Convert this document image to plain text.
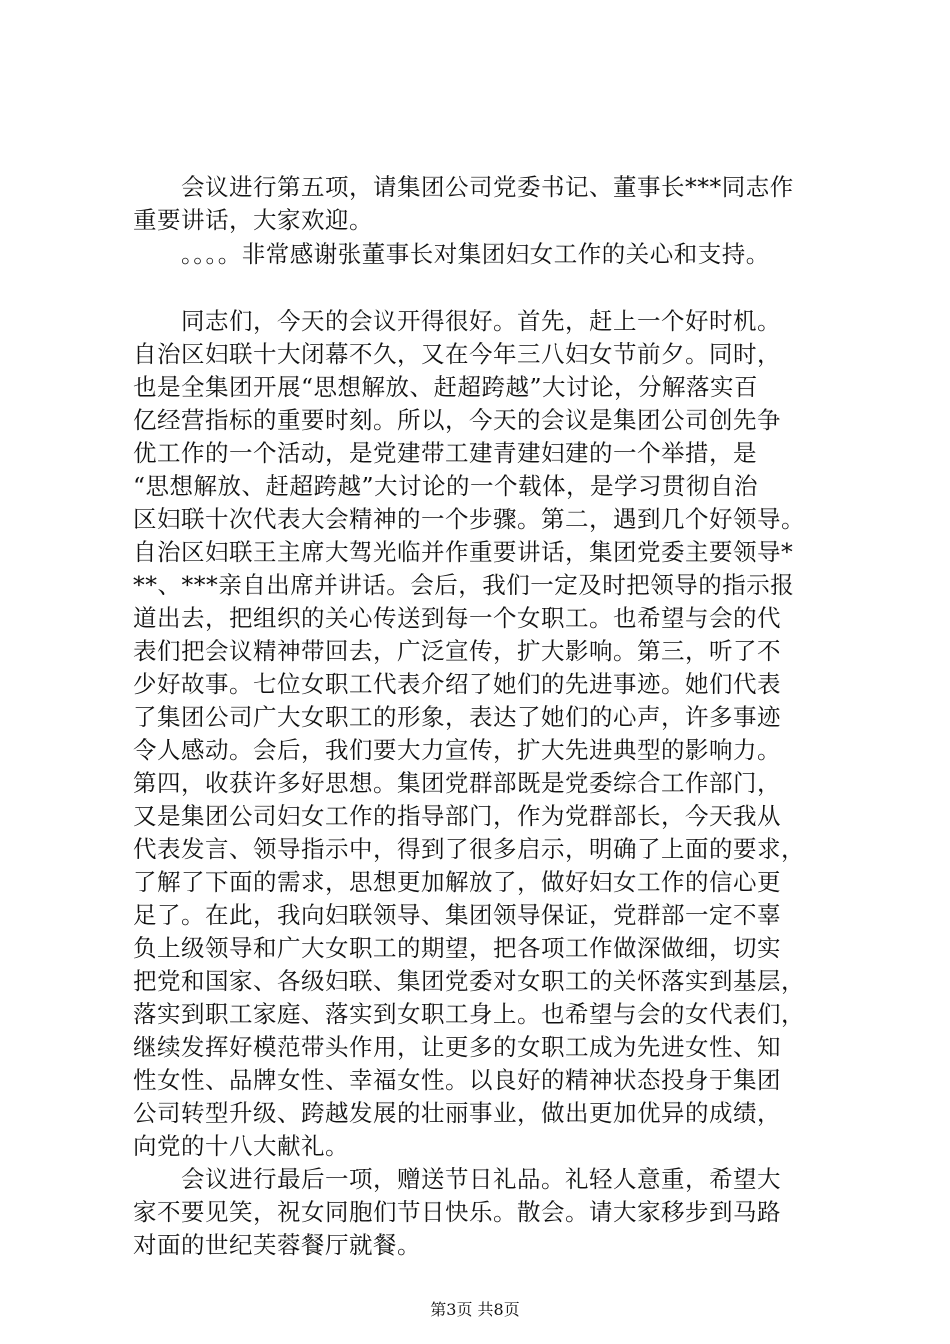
　　会议进行第五项，请集团公司党委书记、董事长***同志作
重要讲话，大家欢迎。
　　。。。。非常感谢张董事长对集团妇女工作的关心和支持。
　　同志们，今天的会议开得很好。首先，赶上一个好时机。
自治区妇联十大闭幕不久，又在今年三八妇女节前夕。同时，
也是全集团开展“思想解放、赶超跨越”大讨论，分解落实百
亿经营指标的重要时刻。所以，今天的会议是集团公司创先争
优工作的一个活动，是党建带工建青建妇建的一个举措，是
“思想解放、赶超跨越”大讨论的一个载体，是学习贯彻自治
区妇联十次代表大会精神的一个步骤。第二，遇到几个好领导。
自治区妇联王主席大驾光临并作重要讲话，集团党委主要领导*
**、***亲自出席并讲话。会后，我们一定及时把领导的指示报
道出去，把组织的关心传送到每一个女职工。也希望与会的代
表们把会议精神带回去，广泛宣传，扩大影响。第三，听了不
少好故事。七位女职工代表介绍了她们的先进事迹。她们代表
了集团公司广大女职工的形象，表达了她们的心声，许多事迹
令人感动。会后，我们要大力宣传，扩大先进典型的影响力。
第四，收获许多好思想。集团党群部既是党委综合工作部门，
又是集团公司妇女工作的指导部门，作为党群部长，今天我从
代表发言、领导指示中，得到了很多启示，明确了上面的要求，
了解了下面的需求，思想更加解放了，做好妇女工作的信心更
足了。在此，我向妇联领导、集团领导保证，党群部一定不辜
负上级领导和广大女职工的期望，把各项工作做深做细，切实
把党和国家、各级妇联、集团党委对女职工的关怀落实到基层，
落实到职工家庭、落实到女职工身上。也希望与会的女代表们，
继续发挥好模范带头作用，让更多的女职工成为先进女性、知
性女性、品牌女性、幸福女性。以良好的精神状态投身于集团
公司转型升级、跨越发展的壮丽事业，做出更加优异的成绩，
向党的十八大献礼。
　　会议进行最后一项，赠送节日礼品。礼轻人意重，希望大
家不要见笑，祝女同胞们节日快乐。散会。请大家移步到马路
对面的世纪芙蓉餐厅就餐。
第3页 共8页
